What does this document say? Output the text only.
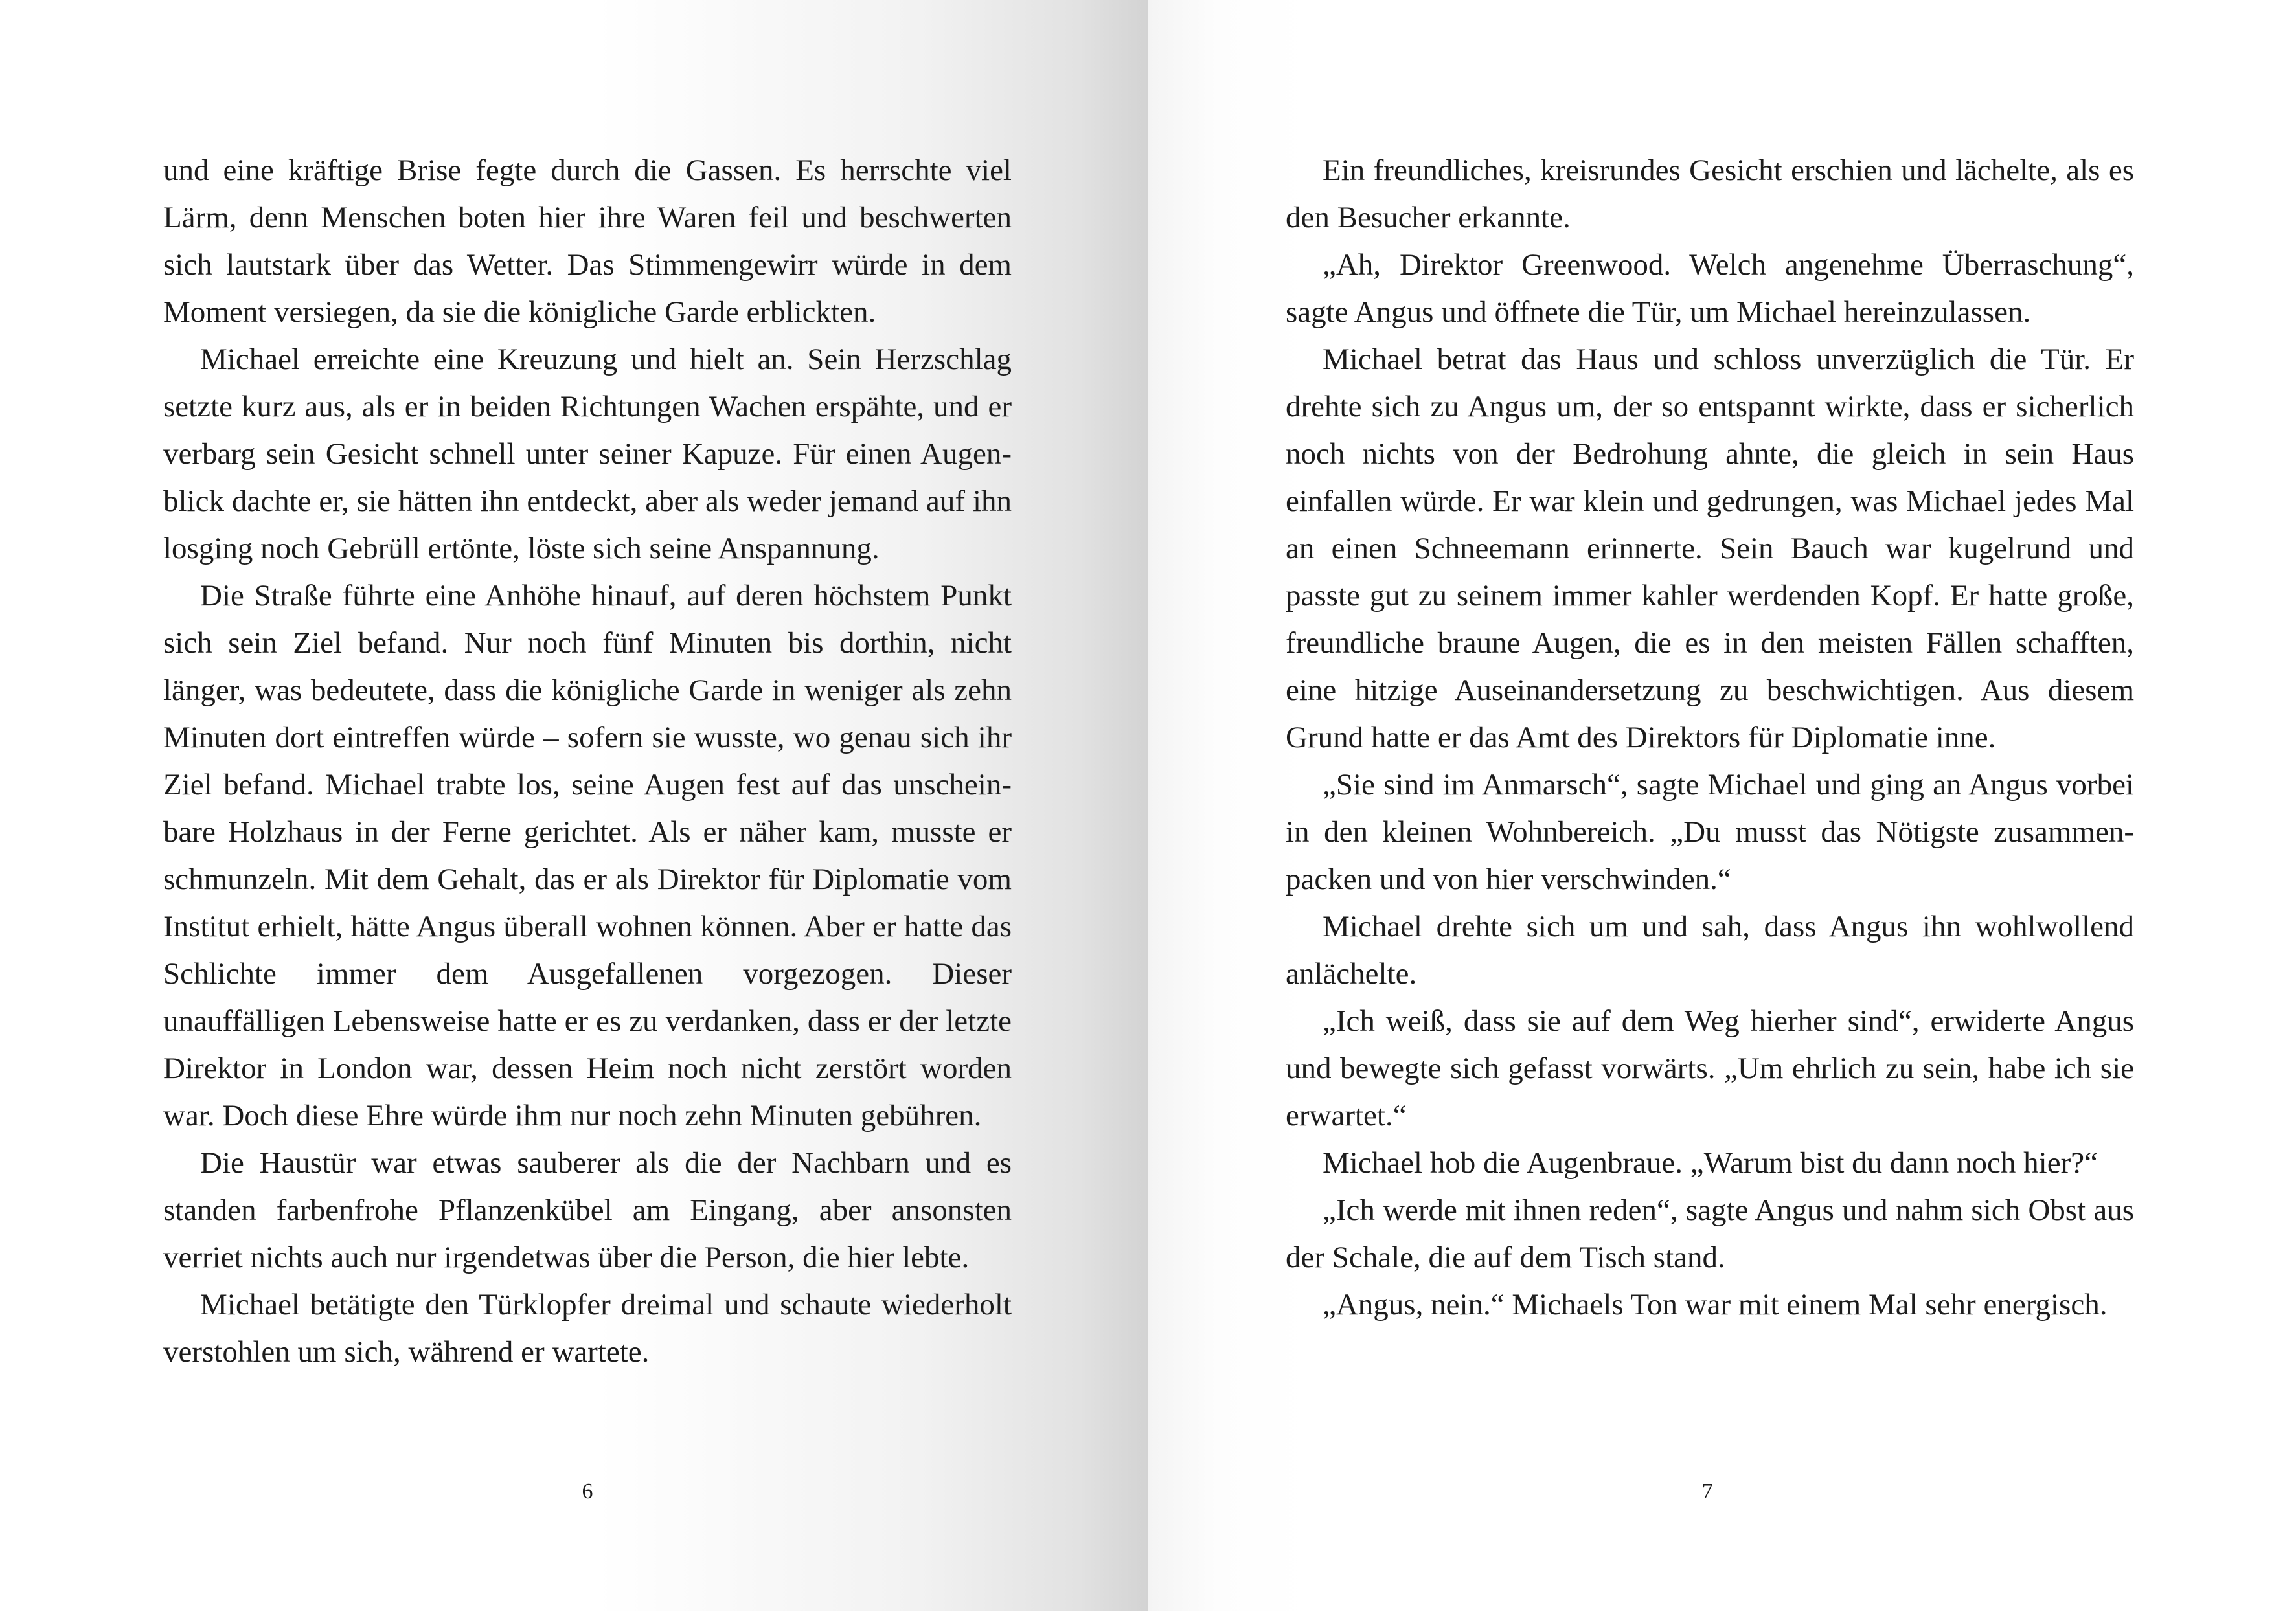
und eine kräftige Brise fegte durch die Gassen. Es herrschte viel Lärm, denn Menschen boten hier ihre Waren feil und beschwerten sich lautstark über das Wetter. Das Stimmengewirr würde in dem Moment versiegen, da sie die königliche Garde erblickten.

Michael erreichte eine Kreuzung und hielt an. Sein Herzschlag setzte kurz aus, als er in beiden Richtungen Wachen erspähte, und er verbarg sein Gesicht schnell unter seiner Kapuze. Für einen Augenblick dachte er, sie hätten ihn entdeckt, aber als weder jemand auf ihn losging noch Gebrüll ertönte, löste sich seine Anspannung.

Die Straße führte eine Anhöhe hinauf, auf deren höchstem Punkt sich sein Ziel befand. Nur noch fünf Minuten bis dorthin, nicht länger, was bedeutete, dass die königliche Garde in weniger als zehn Minuten dort eintreffen würde – sofern sie wusste, wo genau sich ihr Ziel befand. Michael trabte los, seine Augen fest auf das unscheinbare Holzhaus in der Ferne gerichtet. Als er näher kam, musste er schmunzeln. Mit dem Gehalt, das er als Direktor für Diplomatie vom Institut erhielt, hätte Angus überall wohnen können. Aber er hatte das Schlichte immer dem Ausgefallenen vorgezogen. Dieser unauffälligen Lebensweise hatte er es zu verdanken, dass er der letzte Direktor in London war, dessen Heim noch nicht zerstört worden war. Doch diese Ehre würde ihm nur noch zehn Minuten gebühren.

Die Haustür war etwas sauberer als die der Nachbarn und es standen farbenfrohe Pflanzenkübel am Eingang, aber ansonsten verriet nichts auch nur irgendetwas über die Person, die hier lebte.

Michael betätigte den Türklopfer dreimal und schaute wiederholt verstohlen um sich, während er wartete.

6

Ein freundliches, kreisrundes Gesicht erschien und lächelte, als es den Besucher erkannte.

„Ah, Direktor Greenwood. Welch angenehme Überraschung“, sagte Angus und öffnete die Tür, um Michael hereinzulassen.

Michael betrat das Haus und schloss unverzüglich die Tür. Er drehte sich zu Angus um, der so entspannt wirkte, dass er sicherlich noch nichts von der Bedrohung ahnte, die gleich in sein Haus einfallen würde. Er war klein und gedrungen, was Michael jedes Mal an einen Schneemann erinnerte. Sein Bauch war kugelrund und passte gut zu seinem immer kahler werdenden Kopf. Er hatte große, freundliche braune Augen, die es in den meisten Fällen schafften, eine hitzige Auseinandersetzung zu beschwichtigen. Aus diesem Grund hatte er das Amt des Direktors für Diplomatie inne.

„Sie sind im Anmarsch“, sagte Michael und ging an Angus vorbei in den kleinen Wohnbereich. „Du musst das Nötigste zusammenpacken und von hier verschwinden.“

Michael drehte sich um und sah, dass Angus ihn wohlwollend anlächelte.

„Ich weiß, dass sie auf dem Weg hierher sind“, erwiderte Angus und bewegte sich gefasst vorwärts. „Um ehrlich zu sein, habe ich sie erwartet.“

Michael hob die Augenbraue. „Warum bist du dann noch hier?“

„Ich werde mit ihnen reden“, sagte Angus und nahm sich Obst aus der Schale, die auf dem Tisch stand.

„Angus, nein.“ Michaels Ton war mit einem Mal sehr energisch.

7
